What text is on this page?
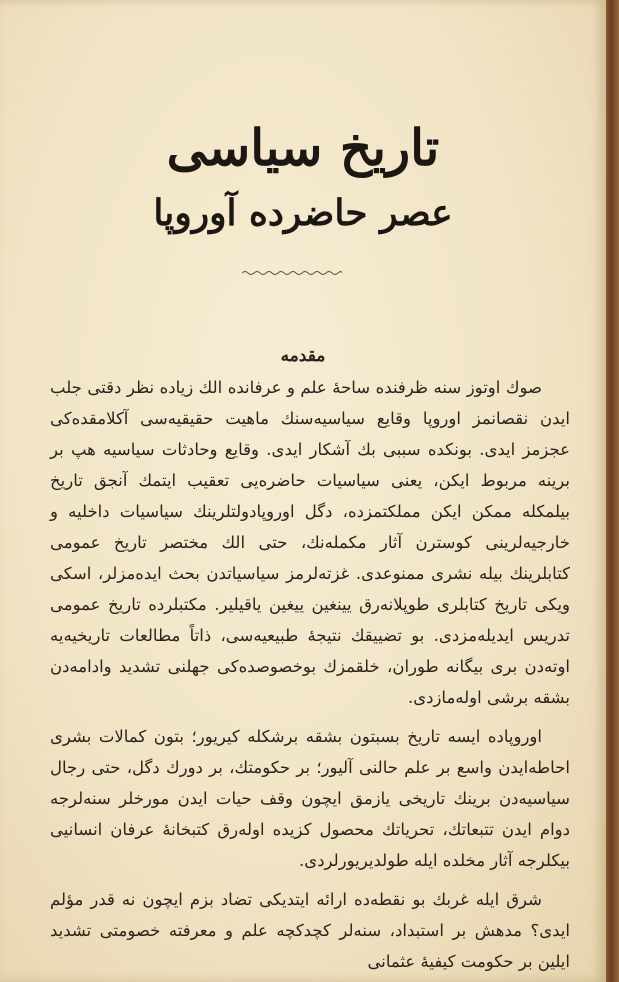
تاریخ سیاسی
عصر حاضرده آوروپا
مقدمه

صوك اوتوز سنه ظرفنده ساحهٔ علم و عرفانده الك زیاده نظر دقتی جلب ایدن نقصانمز اوروپا وقایع سیاسیه‌سنك ماهیت حقیقیه‌سی آكلامقده‌كی عجزمز ایدی. بونكده سببی بك آشكار ایدی. وقایع وحادثات سیاسیه هپ بر برینه مربوط ایكن، یعنی سیاسیات حاضره‌یی تعقیب ایتمك آنجق تاریخ بیلمكله ممكن ایكن مملكتمزده، دگل اوروپادولتلرینك سیاسیات داخلیه و خارجیه‌لرینی كوسترن آثار مكمله‌نك، حتی الك مختصر تاریخ عمومی كتابلرینك بیله نشری ممنوعدی. غزته‌لرمز سیاسیاتدن بحث ایده‌مزلر، اسكی ویكی تاریخ كتابلری طوپلانه‌رق یینغین ییغین یاقیلیر. مكتبلرده تاریخ عمومی تدریس ایدیله‌مزدی. بو تضییقك نتیجهٔ طبیعیه‌سی، ذاتاً مطالعات تاریخیه‌یه اوته‌دن بری بیگانه طوران، خلقمزك بوخصوصده‌كی جهلنی تشدید وادامه‌دن بشقه برشی اوله‌مازدی.

اوروپاده ایسه تاریخ بسبتون بشقه برشكله كیریور؛ بتون كمالات بشری احاطه‌ایدن واسع بر علم حالنی آلیور؛ بر حكومتك، بر دورك دگل، حتی رجال سیاسیه‌دن برینك تاریخی یازمق ایچون وقف حیات ایدن مورخلر سنه‌لرجه دوام ایدن تتبعاتك، تحریاتك محصول كزیده اوله‌رق كتبخانهٔ عرفان انسانیی بیكلرجه آثار مخلده ایله طولدیریورلردی.

شرق ایله غربك بو نقطه‌ده ارائه ایتدیكی تضاد بزم ایچون نه قدر مؤلم ایدی؟ مدهش بر استبداد، سنه‌لر كچدكچه علم و معرفته خصومتی تشدید ایلین بر حكومت كیفیهٔ عثمانی
